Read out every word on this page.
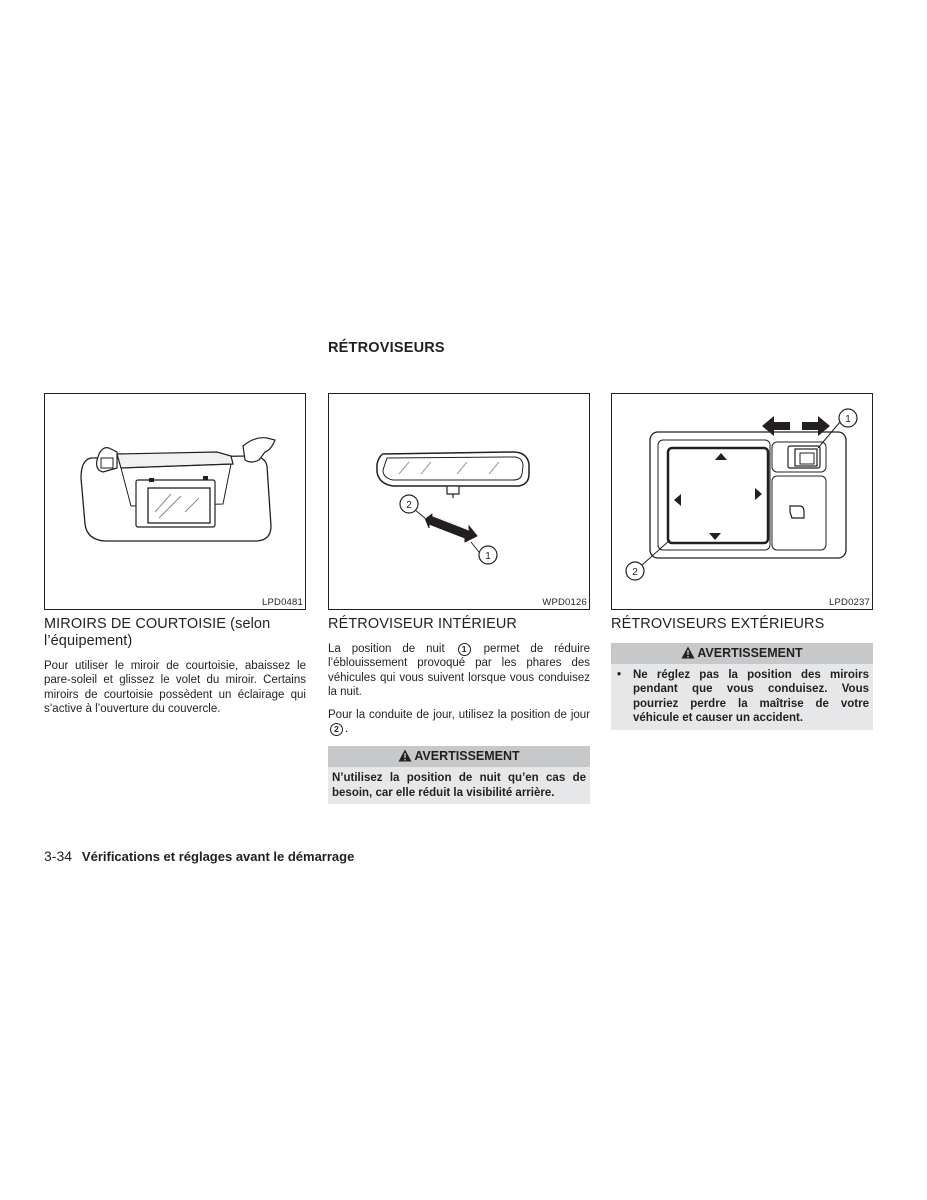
RÉTROVISEURS
LPD0481
MIROIRS DE COURTOISIE (selon l’équipement)
Pour utiliser le miroir de courtoisie, abaissez le pare-soleil et glissez le volet du miroir. Certains miroirs de courtoisie possèdent un éclairage qui s’active à l’ouverture du couvercle.
2
1
WPD0126
RÉTROVISEUR INTÉRIEUR
La position de nuit 1 permet de réduire l’éblouissement provoqué par les phares des véhicules qui vous suivent lorsque vous conduisez la nuit.
Pour la conduite de jour, utilisez la position de jour 2 .
AVERTISSEMENT
N’utilisez la position de nuit qu’en cas de besoin, car elle réduit la visibilité arrière.
1
2
LPD0237
RÉTROVISEURS EXTÉRIEURS
AVERTISSEMENT
•	Ne réglez pas la position des miroirs pendant que vous conduisez. Vous pourriez perdre la maîtrise de votre véhicule et causer un accident.
3-34 Vérifications et réglages avant le démarrage
